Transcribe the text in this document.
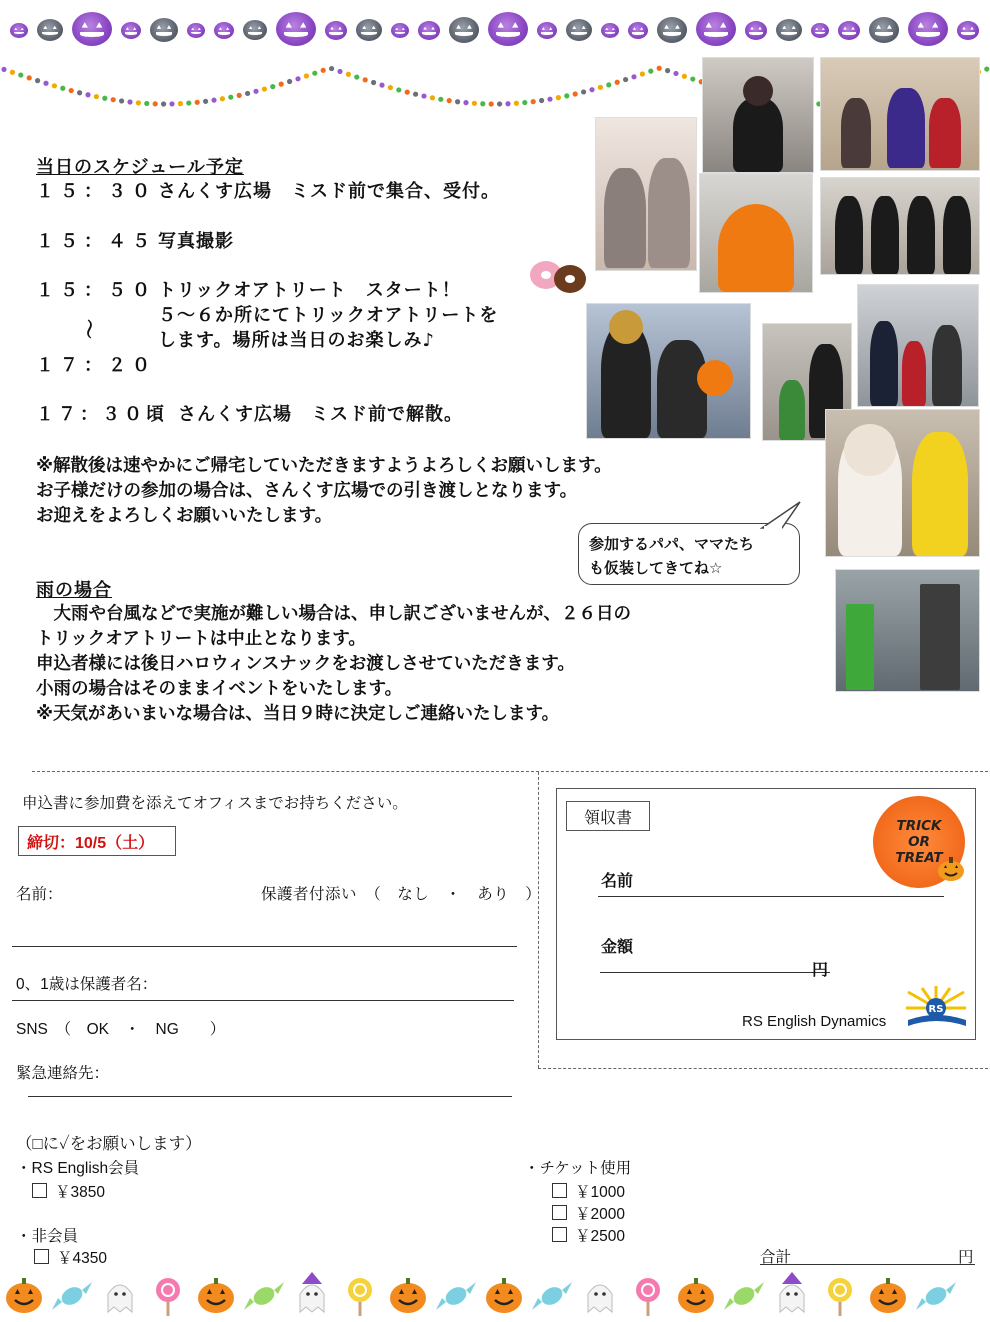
当日のスケジュール予定
１５：３０ さんくす広場　ミスド前で集合、受付。
１５：４５ 写真撮影
１５：５０ トリックオアトリート　スタート！
５～６か所にてトリックオアトリートを
します。場所は当日のお楽しみ♪
～
１７：２０
１７：３０頃 さんくす広場　ミスド前で解散。
※解散後は速やかにご帰宅していただきますようよろしくお願いします。
お子様だけの参加の場合は、さんくす広場での引き渡しとなります。
お迎えをよろしくお願いいたします。
参加するパパ、ママたち
も仮装してきてね☆
雨の場合
　大雨や台風などで実施が難しい場合は、申し訳ございませんが、２６日の
トリックオアトリートは中止となります。
申込者様には後日ハロウィンスナックをお渡しさせていただきます。
小雨の場合はそのままイベントをいたします。
※天気があいまいな場合は、当日９時に決定しご連絡いたします。
申込書に参加費を添えてオフィスまでお持ちください。
締切：10/5（土）
名前：	保護者付添い　（　なし　・　あり　）
0、1歳は保護者名：
SNS　（　OK　・　NG　　）
緊急連絡先：
（□に✓をお願いします）
・RS English会員
￥3850
・非会員
￥4350
・チケット使用
￥1000
￥2000
￥2500
合計	円
領収書	TRICK
OR
TREAT
名前
金額
円
RS English Dynamics
RS
